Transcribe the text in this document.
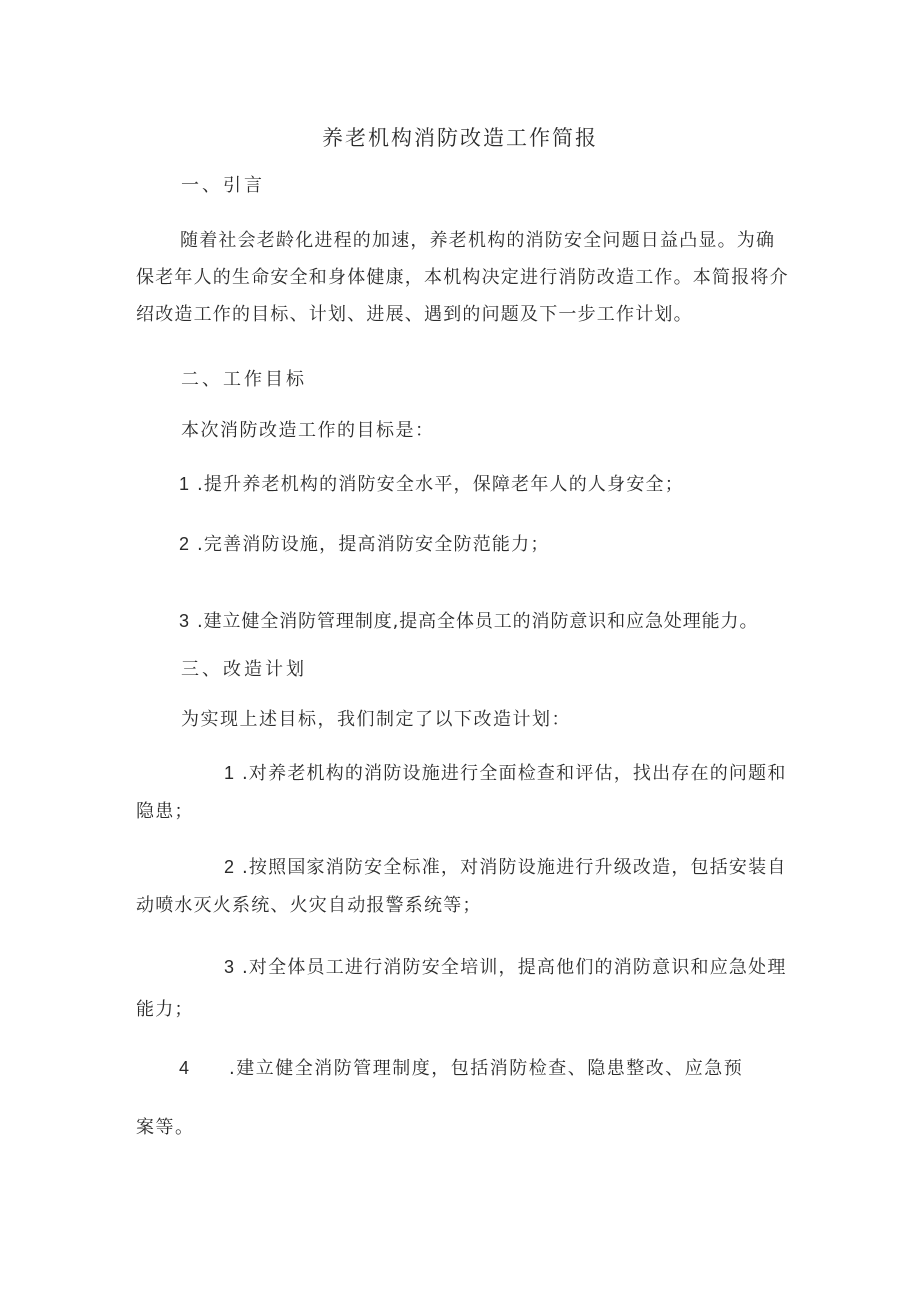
养老机构消防改造工作简报
一、引言
随着社会老龄化进程的加速，养老机构的消防安全问题日益凸显。为确保老年人的生命安全和身体健康，本机构决定进行消防改造工作。本简报将介绍改造工作的目标、计划、进展、遇到的问题及下一步工作计划。
二、工作目标
本次消防改造工作的目标是：
1 .提升养老机构的消防安全水平，保障老年人的人身安全；
2 .完善消防设施，提高消防安全防范能力；
3 .建立健全消防管理制度,提高全体员工的消防意识和应急处理能力。
三、改造计划
为实现上述目标，我们制定了以下改造计划：
1 .对养老机构的消防设施进行全面检查和评估，找出存在的问题和隐患；
2 .按照国家消防安全标准，对消防设施进行升级改造，包括安装自动喷水灭火系统、火灾自动报警系统等；
3 .对全体员工进行消防安全培训，提高他们的消防意识和应急处理能力；
4 .建立健全消防管理制度，包括消防检查、隐患整改、应急预
案等。
